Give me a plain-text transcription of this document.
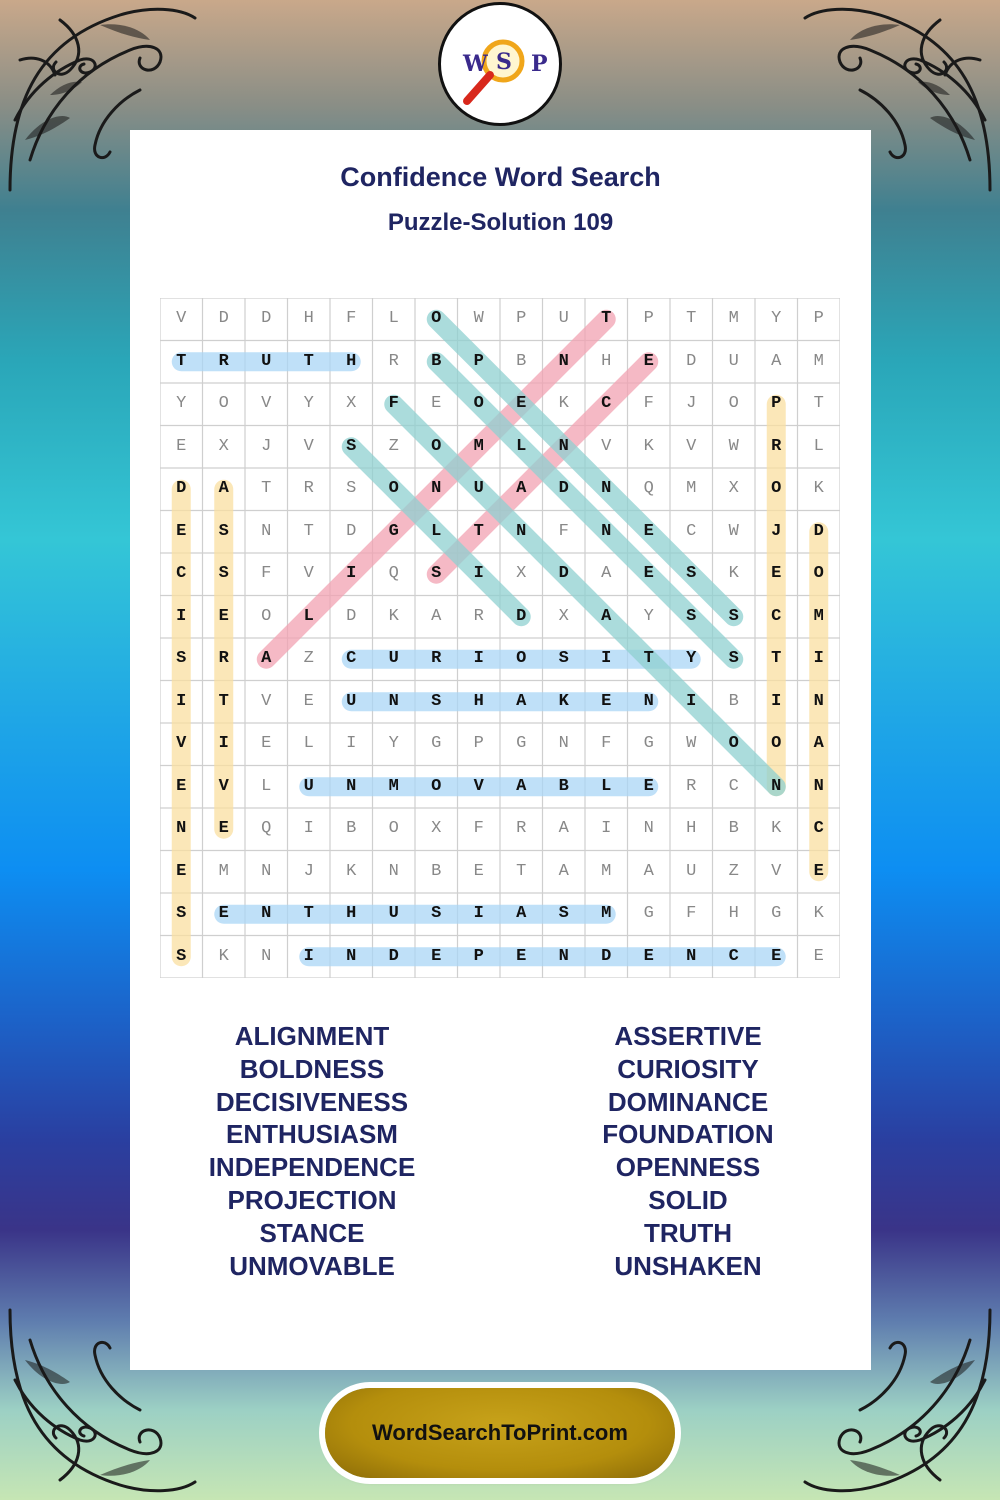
W S P
Confidence Word Search
Puzzle-Solution 109
V	D	D	H	F	L	O	W	P	U	T	P	T	M	Y	P
T	R	U	T	H	R	B	P	B	N	H	E	D	U	A	M
Y	O	V	Y	X	F	E	O	E	K	C	F	J	O	P	T
E	X	J	V	S	Z	O	M	L	N	V	K	V	W	R	L
D	A	T	R	S	O	N	U	A	D	N	Q	M	X	O	K
E	S	N	T	D	G	L	T	N	F	N	E	C	W	J	D
C	S	F	V	I	Q	S	I	X	D	A	E	S	K	E	O
I	E	O	L	D	K	A	R	D	X	A	Y	S	S	C	M
S	R	A	Z	C	U	R	I	O	S	I	T	Y	S	T	I
I	T	V	E	U	N	S	H	A	K	E	N	I	B	I	N
V	I	E	L	I	Y	G	P	G	N	F	G	W	O	O	A
E	V	L	U	N	M	O	V	A	B	L	E	R	C	N	N
N	E	Q	I	B	O	X	F	R	A	I	N	H	B	K	C
E	M	N	J	K	N	B	E	T	A	M	A	U	Z	V	E
S	E	N	T	H	U	S	I	A	S	M	G	F	H	G	K
S	K	N	I	N	D	E	P	E	N	D	E	N	C	E	E
ALIGNMENT
BOLDNESS
DECISIVENESS
ENTHUSIASM
INDEPENDENCE
PROJECTION
STANCE
UNMOVABLE
ASSERTIVE
CURIOSITY
DOMINANCE
FOUNDATION
OPENNESS
SOLID
TRUTH
UNSHAKEN
WordSearchToPrint.com
